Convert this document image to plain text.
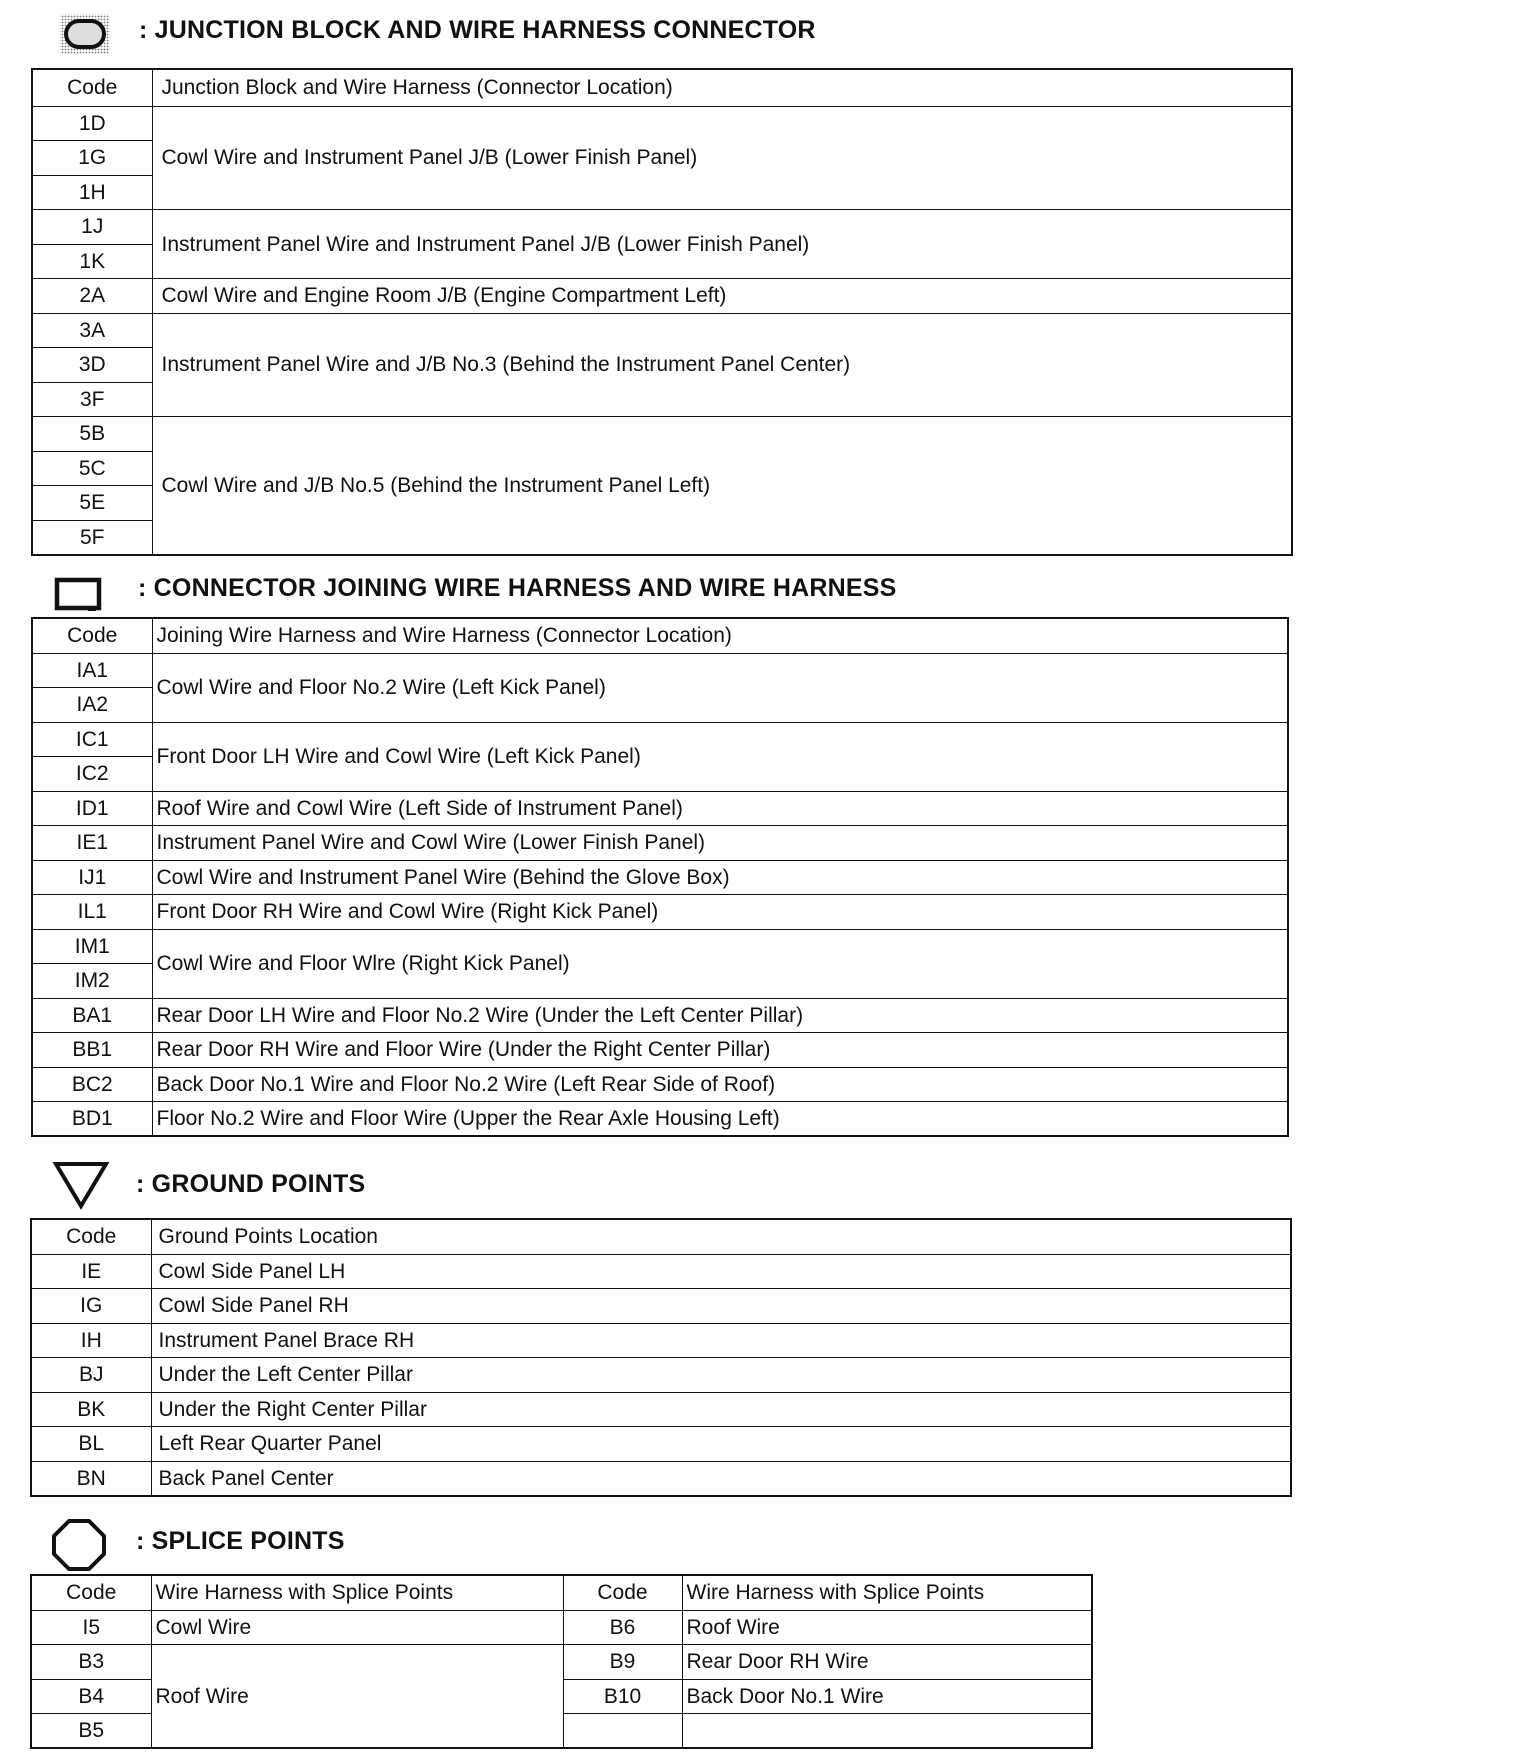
: JUNCTION BLOCK AND WIRE HARNESS CONNECTOR
Code	Junction Block and Wire Harness (Connector Location)
1D	Cowl Wire and Instrument Panel J/B (Lower Finish Panel)
1G	
1H	
1J	Instrument Panel Wire and Instrument Panel J/B (Lower Finish Panel)
1K	
2A	Cowl Wire and Engine Room J/B (Engine Compartment Left)
3A	Instrument Panel Wire and J/B No.3 (Behind the Instrument Panel Center)
3D	
3F	
5B	Cowl Wire and J/B No.5 (Behind the Instrument Panel Left)
5C	
5E	
5F	
: CONNECTOR JOINING WIRE HARNESS AND WIRE HARNESS
Code	Joining Wire Harness and Wire Harness (Connector Location)
IA1	Cowl Wire and Floor No.2 Wire (Left Kick Panel)
IA2	
IC1	Front Door LH Wire and Cowl Wire (Left Kick Panel)
IC2	
ID1	Roof Wire and Cowl Wire (Left Side of Instrument Panel)
IE1	Instrument Panel Wire and Cowl Wire (Lower Finish Panel)
IJ1	Cowl Wire and Instrument Panel Wire (Behind the Glove Box)
IL1	Front Door RH Wire and Cowl Wire (Right Kick Panel)
IM1	Cowl Wire and Floor Wlre (Right Kick Panel)
IM2	
BA1	Rear Door LH Wire and Floor No.2 Wire (Under the Left Center Pillar)
BB1	Rear Door RH Wire and Floor Wire (Under the Right Center Pillar)
BC2	Back Door No.1 Wire and Floor No.2 Wire (Left Rear Side of Roof)
BD1	Floor No.2 Wire and Floor Wire (Upper the Rear Axle Housing Left)
: GROUND POINTS
Code	Ground Points Location
IE	Cowl Side Panel LH
IG	Cowl Side Panel RH
IH	Instrument Panel Brace RH
BJ	Under the Left Center Pillar
BK	Under the Right Center Pillar
BL	Left Rear Quarter Panel
BN	Back Panel Center
: SPLICE POINTS
Code	Wire Harness with Splice Points	Code	Wire Harness with Splice Points
I5	Cowl Wire	B6	Roof Wire
B3	Roof Wire	B9	Rear Door RH Wire
B4		B10	Back Door No.1 Wire
B5			
